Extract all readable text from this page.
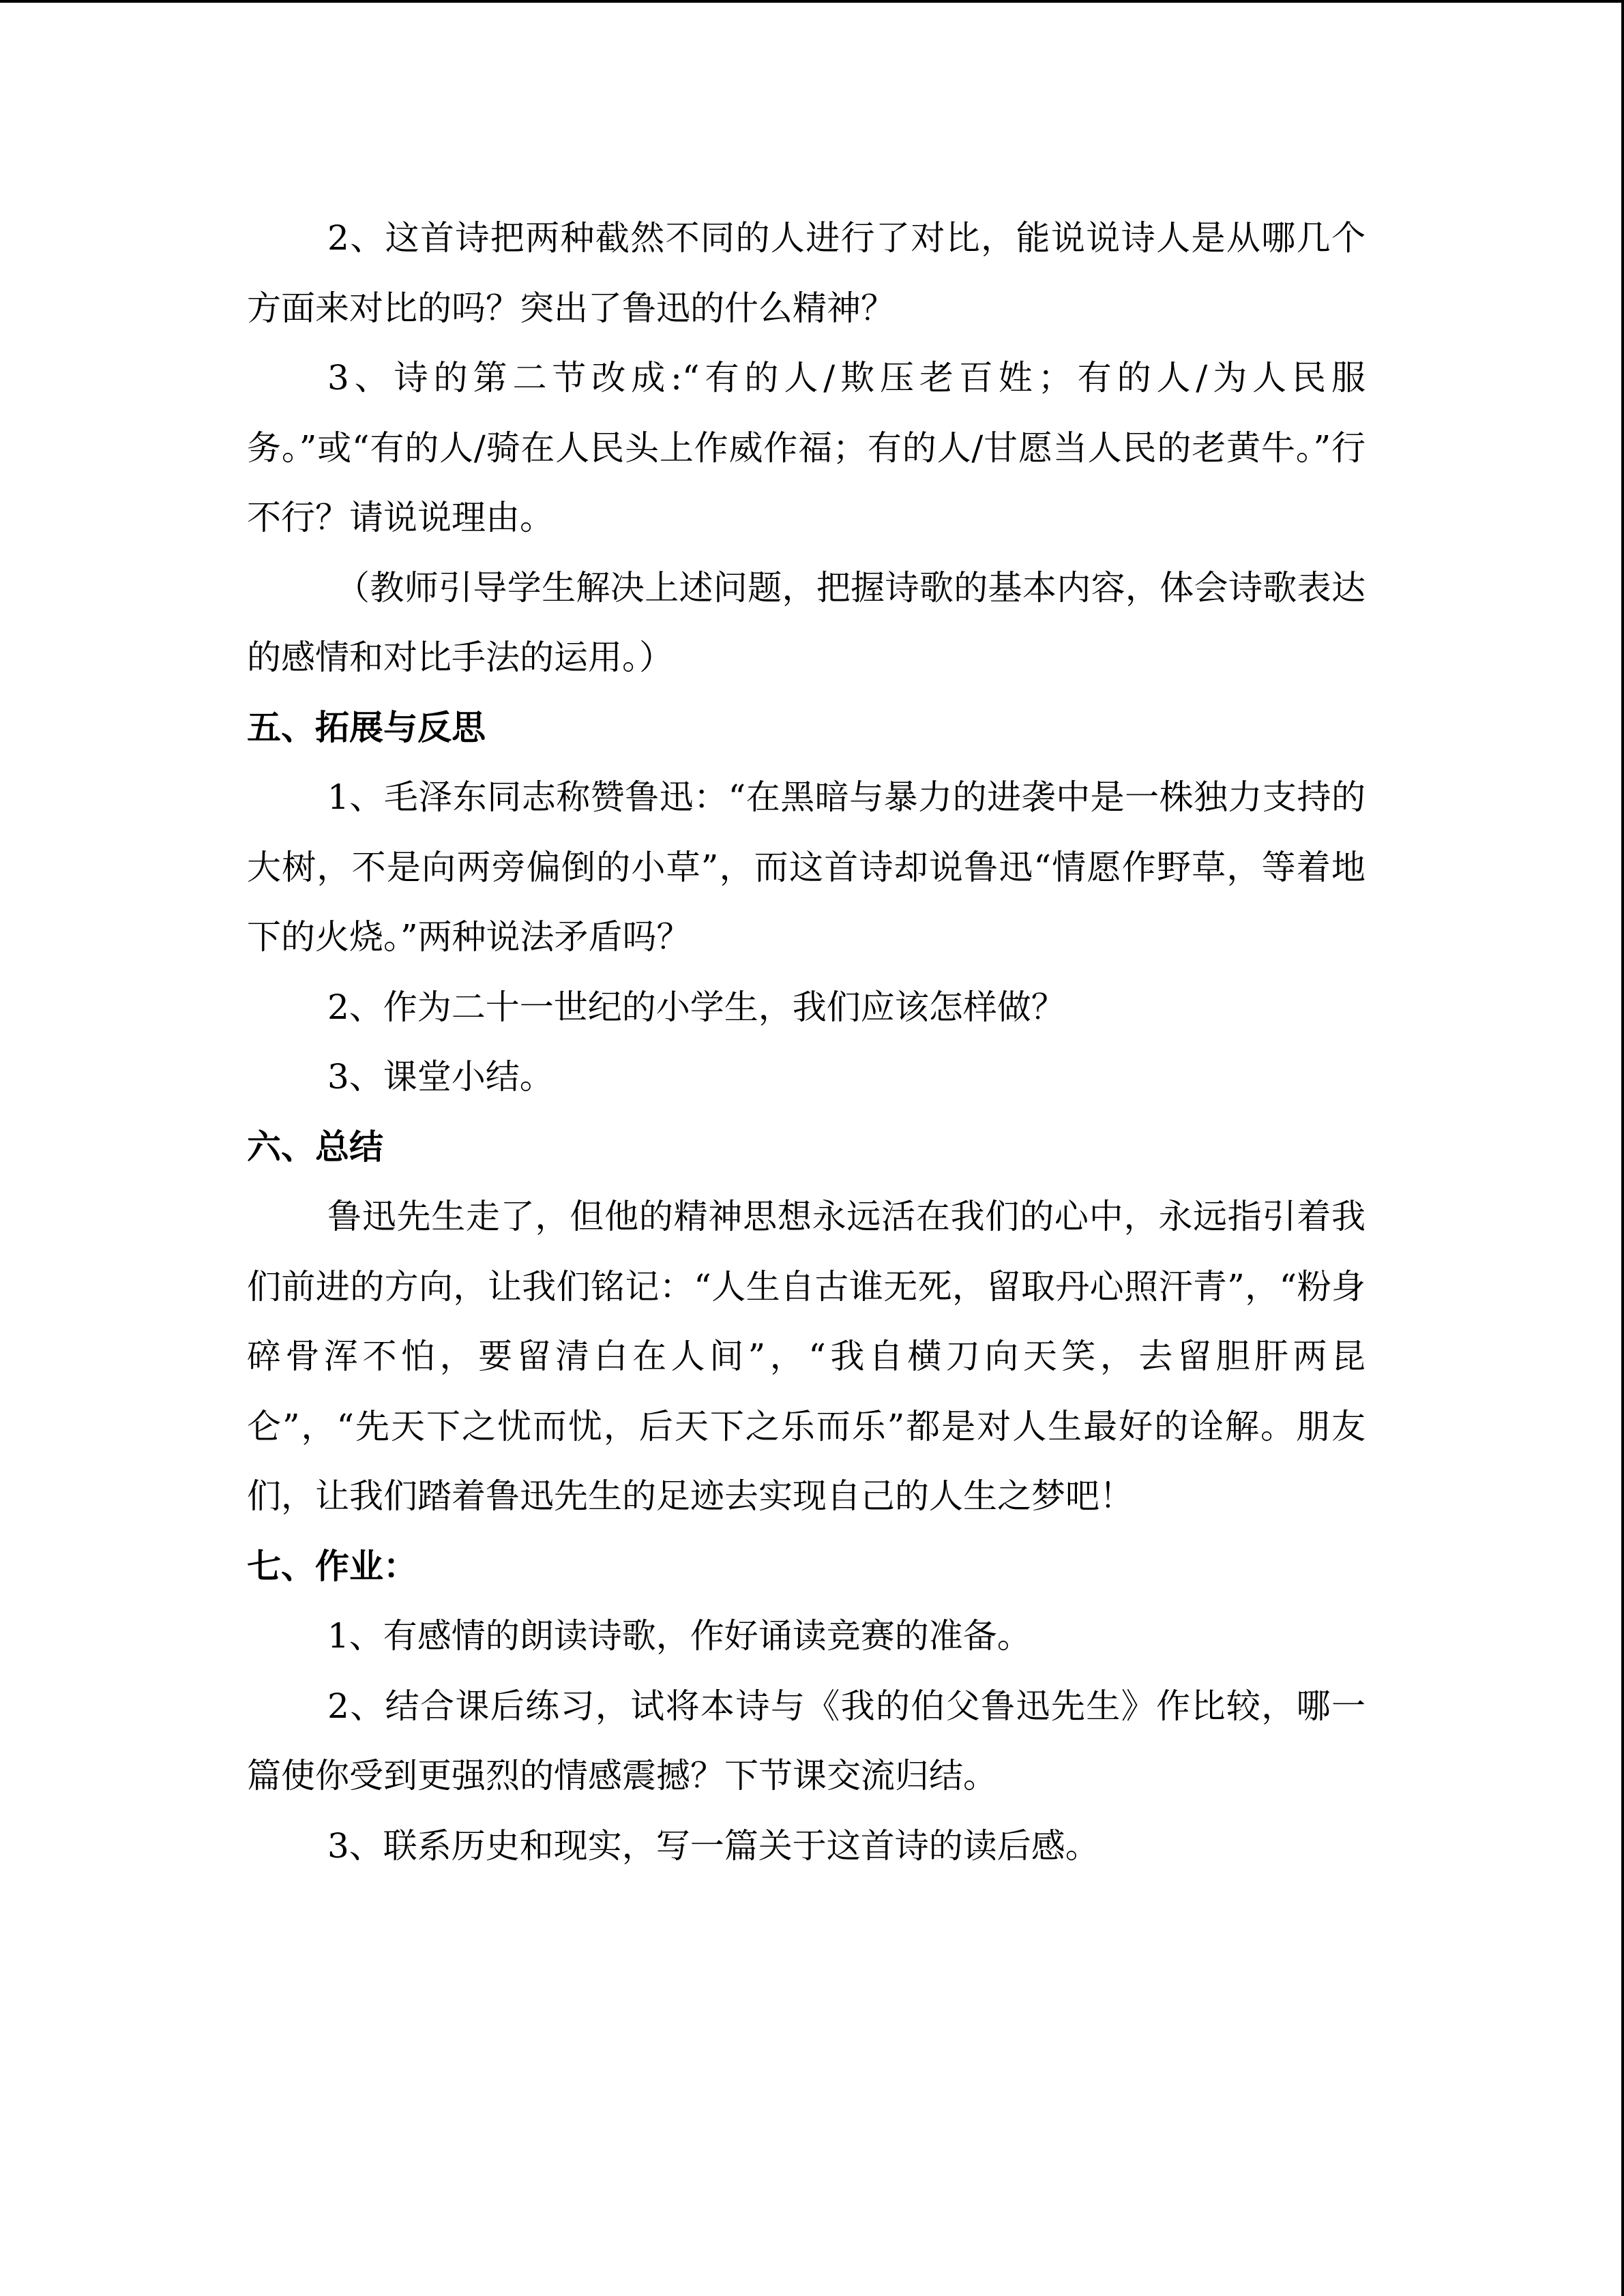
2、这首诗把两种截然不同的人进行了对比，能说说诗人是从哪几个方面来对比的吗？突出了鲁迅的什么精神？

3、诗的第二节改成:“有的人/欺压老百姓；有的人/为人民服务。”或“有的人/骑在人民头上作威作福；有的人/甘愿当人民的老黄牛。”行不行？请说说理由。

（教师引导学生解决上述问题，把握诗歌的基本内容，体会诗歌表达的感情和对比手法的运用。）

五、拓展与反思

1、毛泽东同志称赞鲁迅：“在黑暗与暴力的进袭中是一株独力支持的大树，不是向两旁偏倒的小草”，而这首诗却说鲁迅“情愿作野草，等着地下的火烧。”两种说法矛盾吗？

2、作为二十一世纪的小学生，我们应该怎样做？

3、课堂小结。

六、总结

鲁迅先生走了，但他的精神思想永远活在我们的心中，永远指引着我们前进的方向，让我们铭记：“人生自古谁无死，留取丹心照汗青”，“粉身碎骨浑不怕，要留清白在人间”，“我自横刀向天笑，去留胆肝两昆仑”，“先天下之忧而忧，后天下之乐而乐”都是对人生最好的诠解。朋友们，让我们踏着鲁迅先生的足迹去实现自己的人生之梦吧！

七、作业：

1、有感情的朗读诗歌，作好诵读竞赛的准备。

2、结合课后练习，试将本诗与《我的伯父鲁迅先生》作比较，哪一篇使你受到更强烈的情感震撼？下节课交流归结。

3、联系历史和现实，写一篇关于这首诗的读后感。
